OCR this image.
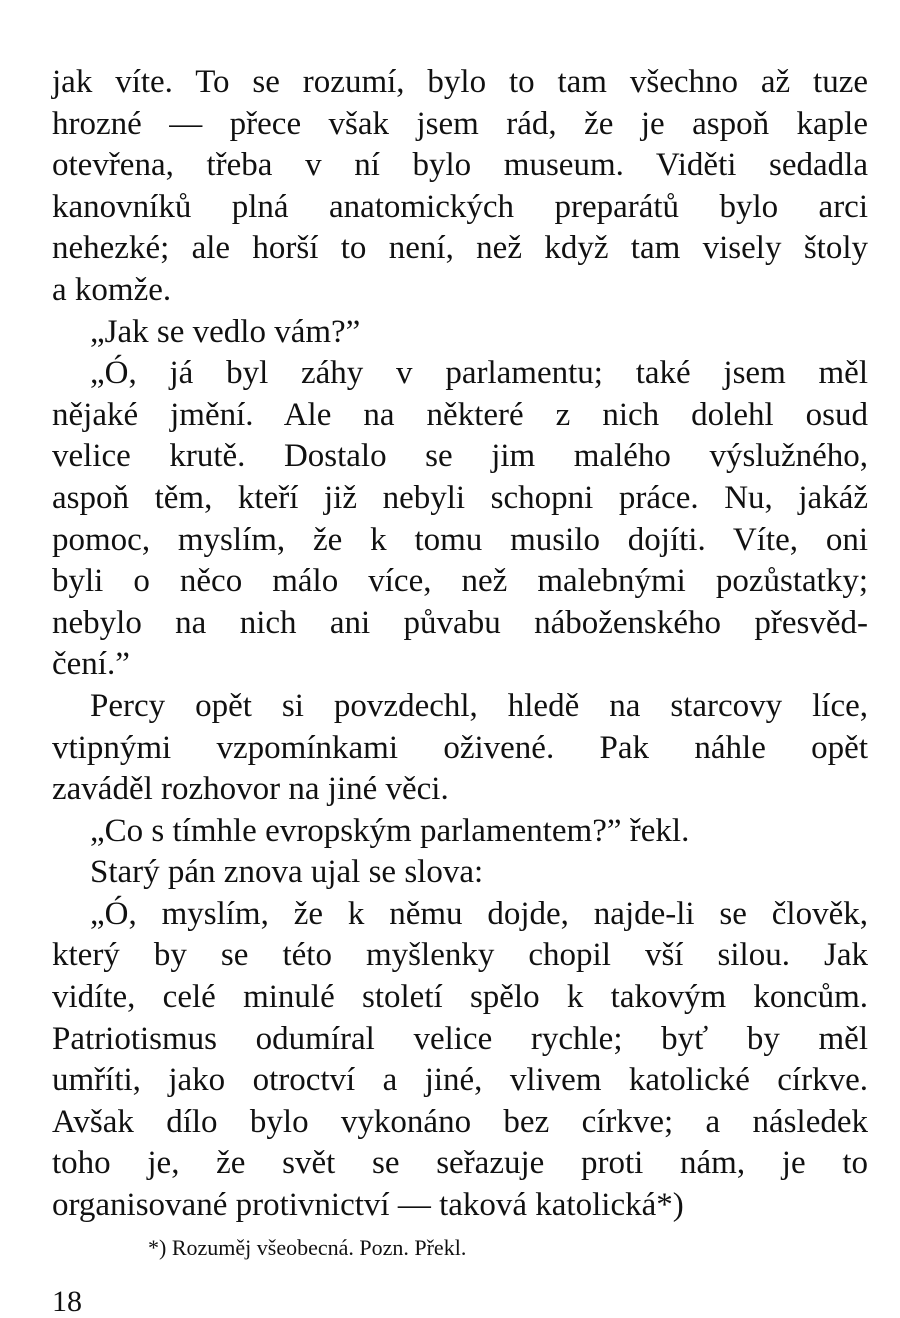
jak víte. To se rozumí, bylo to tam všechno až tuze
hrozné — přece však jsem rád, že je aspoň kaple
otevřena, třeba v ní bylo museum. Viděti sedadla
kanovníků plná anatomických preparátů bylo arci
nehezké; ale horší to není, než když tam visely štoly
a komže.
„Jak se vedlo vám?”
„Ó, já byl záhy v parlamentu; také jsem měl
nějaké jmění. Ale na některé z nich dolehl osud
velice krutě. Dostalo se jim malého výslužného,
aspoň těm, kteří již nebyli schopni práce. Nu, jakáž
pomoc, myslím, že k tomu musilo dojíti. Víte, oni
byli o něco málo více, než malebnými pozůstatky;
nebylo na nich ani půvabu náboženského přesvěd-
čení.”
Percy opět si povzdechl, hledě na starcovy líce,
vtipnými vzpomínkami oživené. Pak náhle opět
zaváděl rozhovor na jiné věci.
„Co s tímhle evropským parlamentem?” řekl.
Starý pán znova ujal se slova:
„Ó, myslím, že k němu dojde, najde-li se člověk,
který by se této myšlenky chopil vší silou. Jak
vidíte, celé minulé století spělo k takovým koncům.
Patriotismus odumíral velice rychle; byť by měl
umříti, jako otroctví a jiné, vlivem katolické církve.
Avšak dílo bylo vykonáno bez církve; a následek
toho je, že svět se seřazuje proti nám, je to
organisované protivnictví — taková katolická*)
*) Rozuměj všeobecná. Pozn. Překl.
18
